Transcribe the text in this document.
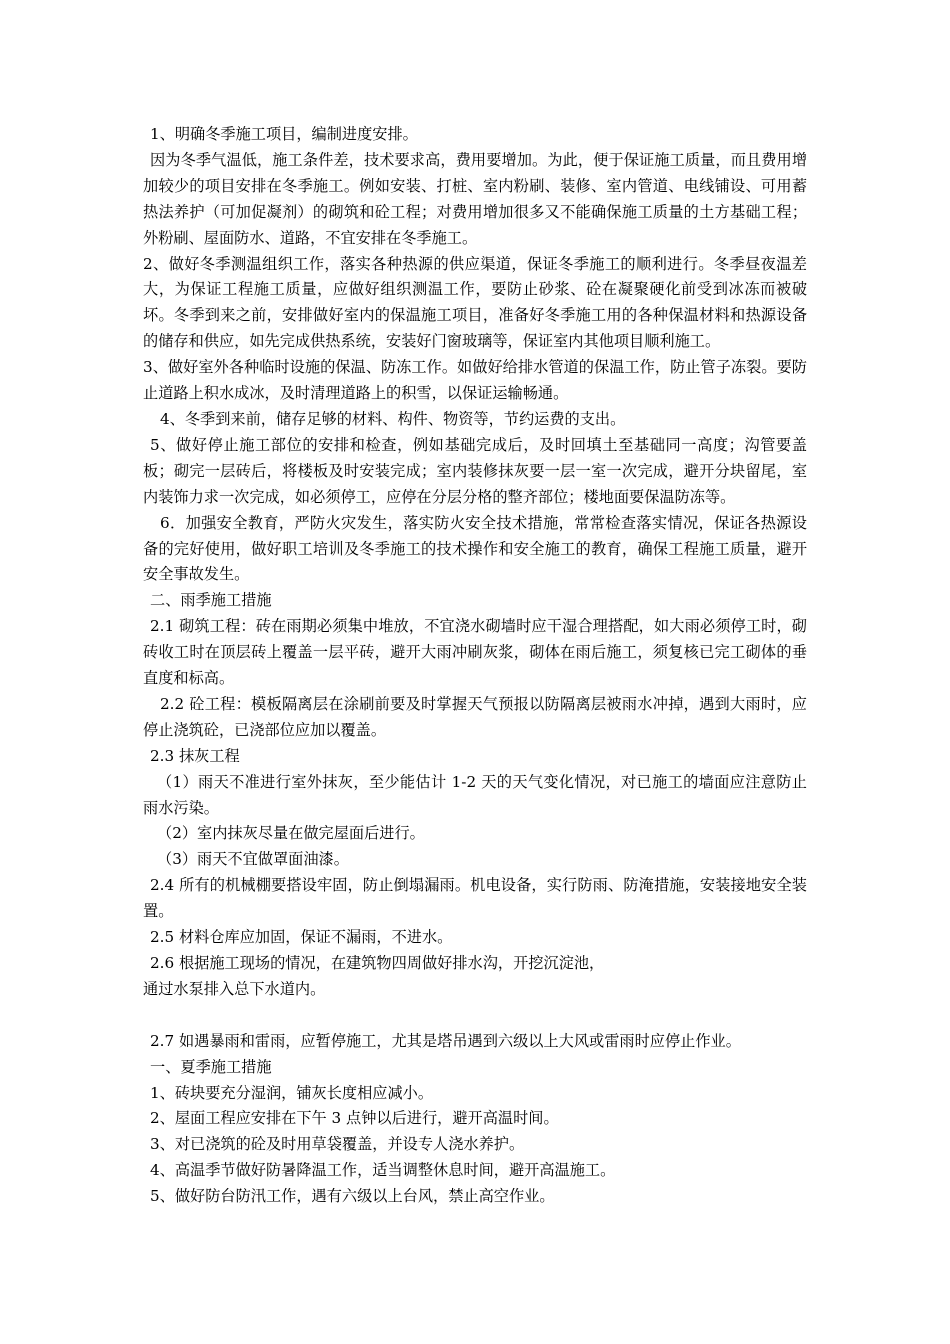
1、明确冬季施工项目，编制进度安排。

因为冬季气温低，施工条件差，技术要求高，费用要增加。为此，便于保证施工质量，而且费用增加较少的项目安排在冬季施工。例如安装、打桩、室内粉刷、装修、室内管道、电线铺设、可用蓄热法养护（可加促凝剂）的砌筑和砼工程；对费用增加很多又不能确保施工质量的土方基础工程；外粉刷、屋面防水、道路，不宜安排在冬季施工。

2、做好冬季测温组织工作，落实各种热源的供应渠道，保证冬季施工的顺利进行。冬季昼夜温差大，为保证工程施工质量，应做好组织测温工作，要防止砂浆、砼在凝聚硬化前受到冰冻而被破坏。冬季到来之前，安排做好室内的保温施工项目，准备好冬季施工用的各种保温材料和热源设备的储存和供应，如先完成供热系统，安装好门窗玻璃等，保证室内其他项目顺利施工。

3、做好室外各种临时设施的保温、防冻工作。如做好给排水管道的保温工作，防止管子冻裂。要防止道路上积水成冰，及时清理道路上的积雪，以保证运输畅通。

4、冬季到来前，储存足够的材料、构件、物资等，节约运费的支出。

5、做好停止施工部位的安排和检查，例如基础完成后，及时回填土至基础同一高度；沟管要盖板；砌完一层砖后，将楼板及时安装完成；室内装修抹灰要一层一室一次完成，避开分块留尾，室内装饰力求一次完成，如必须停工，应停在分层分格的整齐部位；楼地面要保温防冻等。

6．加强安全教育，严防火灾发生，落实防火安全技术措施，常常检查落实情况，保证各热源设备的完好使用，做好职工培训及冬季施工的技术操作和安全施工的教育，确保工程施工质量，避开安全事故发生。

二、雨季施工措施

2.1 砌筑工程：砖在雨期必须集中堆放，不宜浇水砌墙时应干湿合理搭配，如大雨必须停工时，砌砖收工时在顶层砖上覆盖一层平砖，避开大雨冲刷灰浆，砌体在雨后施工，须复核已完工砌体的垂直度和标高。

2.2 砼工程：模板隔离层在涂刷前要及时掌握天气预报以防隔离层被雨水冲掉，遇到大雨时，应停止浇筑砼，已浇部位应加以覆盖。

2.3 抹灰工程

（1）雨天不准进行室外抹灰，至少能估计 1-2 天的天气变化情况，对已施工的墙面应注意防止雨水污染。

（2）室内抹灰尽量在做完屋面后进行。

（3）雨天不宜做罩面油漆。

2.4 所有的机械棚要搭设牢固，防止倒塌漏雨。机电设备，实行防雨、防淹措施，安装接地安全装置。

2.5 材料仓库应加固，保证不漏雨，不进水。

2.6 根据施工现场的情况，在建筑物四周做好排水沟，开挖沉淀池，

通过水泵排入总下水道内。

2.7 如遇暴雨和雷雨，应暂停施工，尤其是塔吊遇到六级以上大风或雷雨时应停止作业。

一、夏季施工措施

1、砖块要充分湿润，铺灰长度相应减小。

2、屋面工程应安排在下午 3 点钟以后进行，避开高温时间。

3、对已浇筑的砼及时用草袋覆盖，并设专人浇水养护。

4、高温季节做好防暑降温工作，适当调整休息时间，避开高温施工。

5、做好防台防汛工作，遇有六级以上台风，禁止高空作业。
